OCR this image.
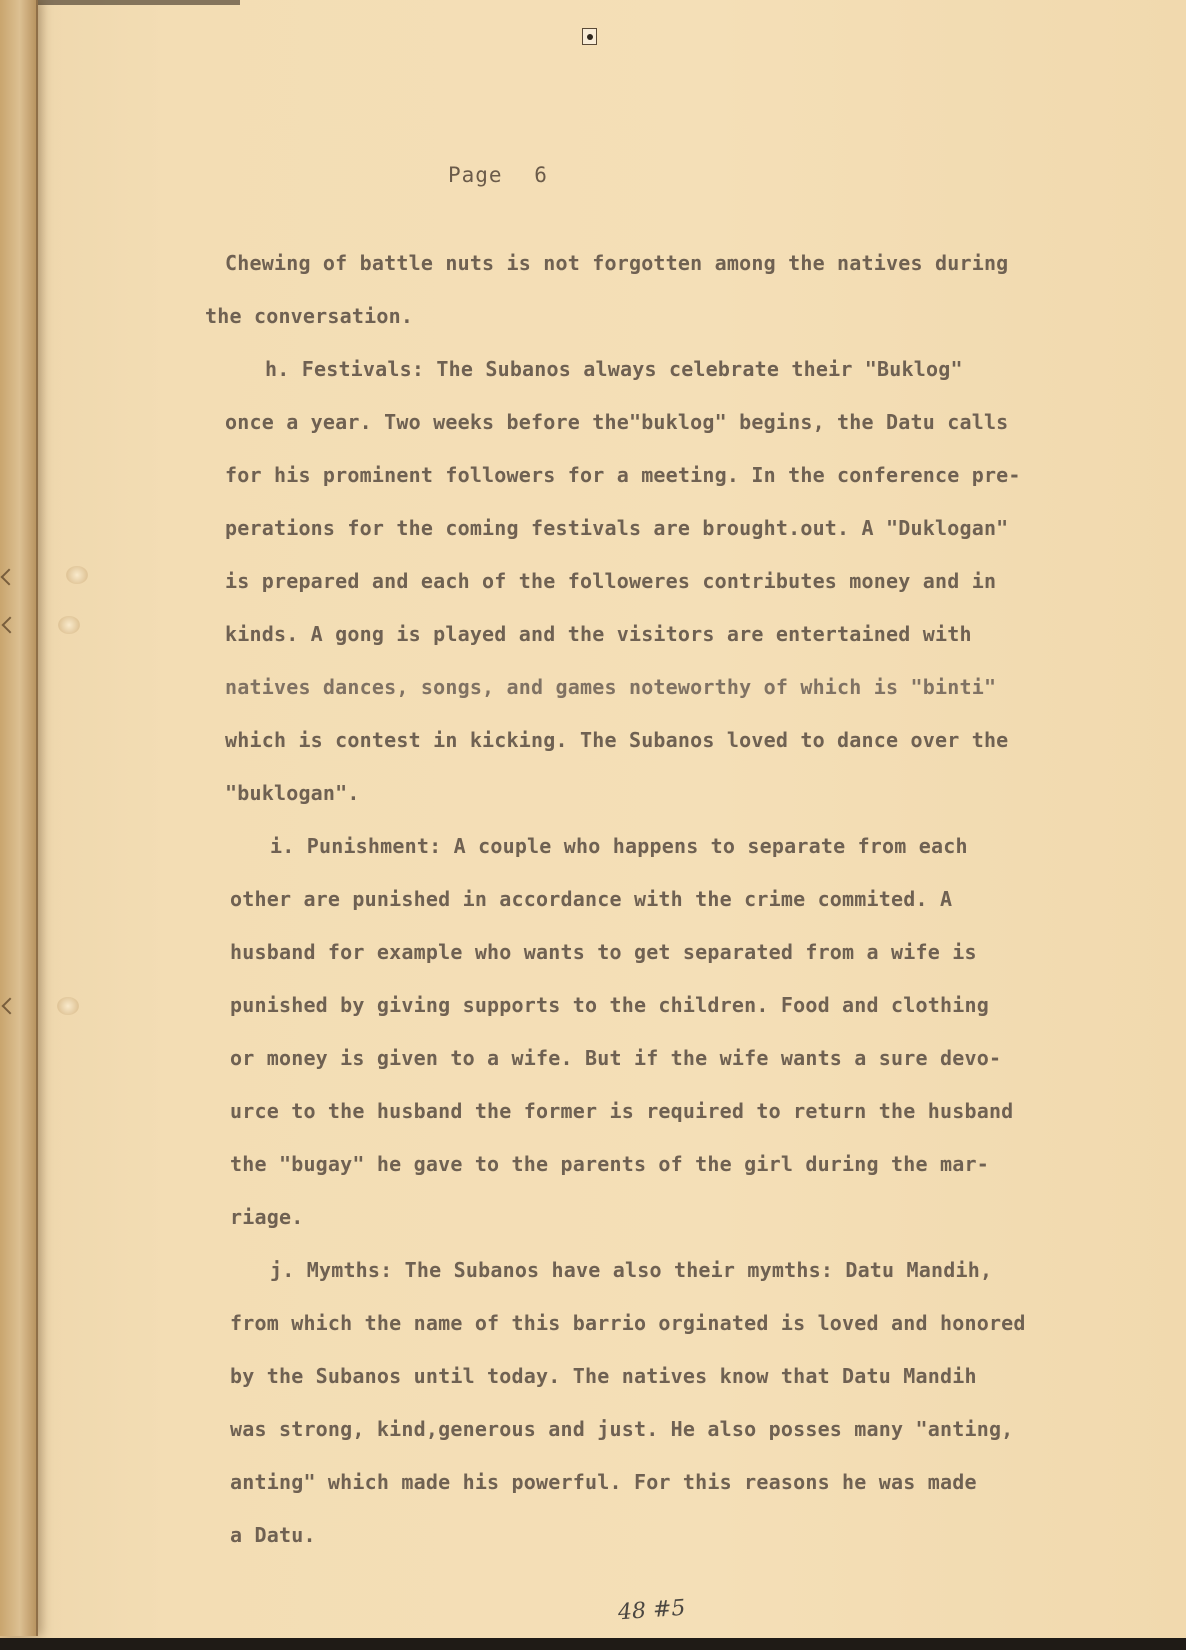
Page 6
Chewing of battle nuts is not forgotten among the natives during
the conversation.
h. Festivals: The Subanos always celebrate their "Buklog"
once a year. Two weeks before the"buklog" begins, the Datu calls
for his prominent followers for a meeting. In the conference pre-
perations for the coming festivals are brought.out. A "Duklogan"
is prepared and each of the followeres contributes money and in
kinds. A gong is played and the visitors are entertained with
natives dances, songs, and games noteworthy of which is "binti"
which is contest in kicking. The Subanos loved to dance over the
"buklogan".
i. Punishment: A couple who happens to separate from each
other are punished in accordance with the crime commited. A
husband for example who wants to get separated from a wife is
punished by giving supports to the children. Food and clothing
or money is given to a wife. But if the wife wants a sure devo-
urce to the husband the former is required to return the husband
the "bugay" he gave to the parents of the girl during the mar-
riage.
j. Mymths: The Subanos have also their mymths: Datu Mandih,
from which the name of this barrio orginated is loved and honored
by the Subanos until today. The natives know that Datu Mandih
was strong, kind,generous and just. He also posses many "anting,
anting" which made his powerful. For this reasons he was made
a Datu.
48 #5
